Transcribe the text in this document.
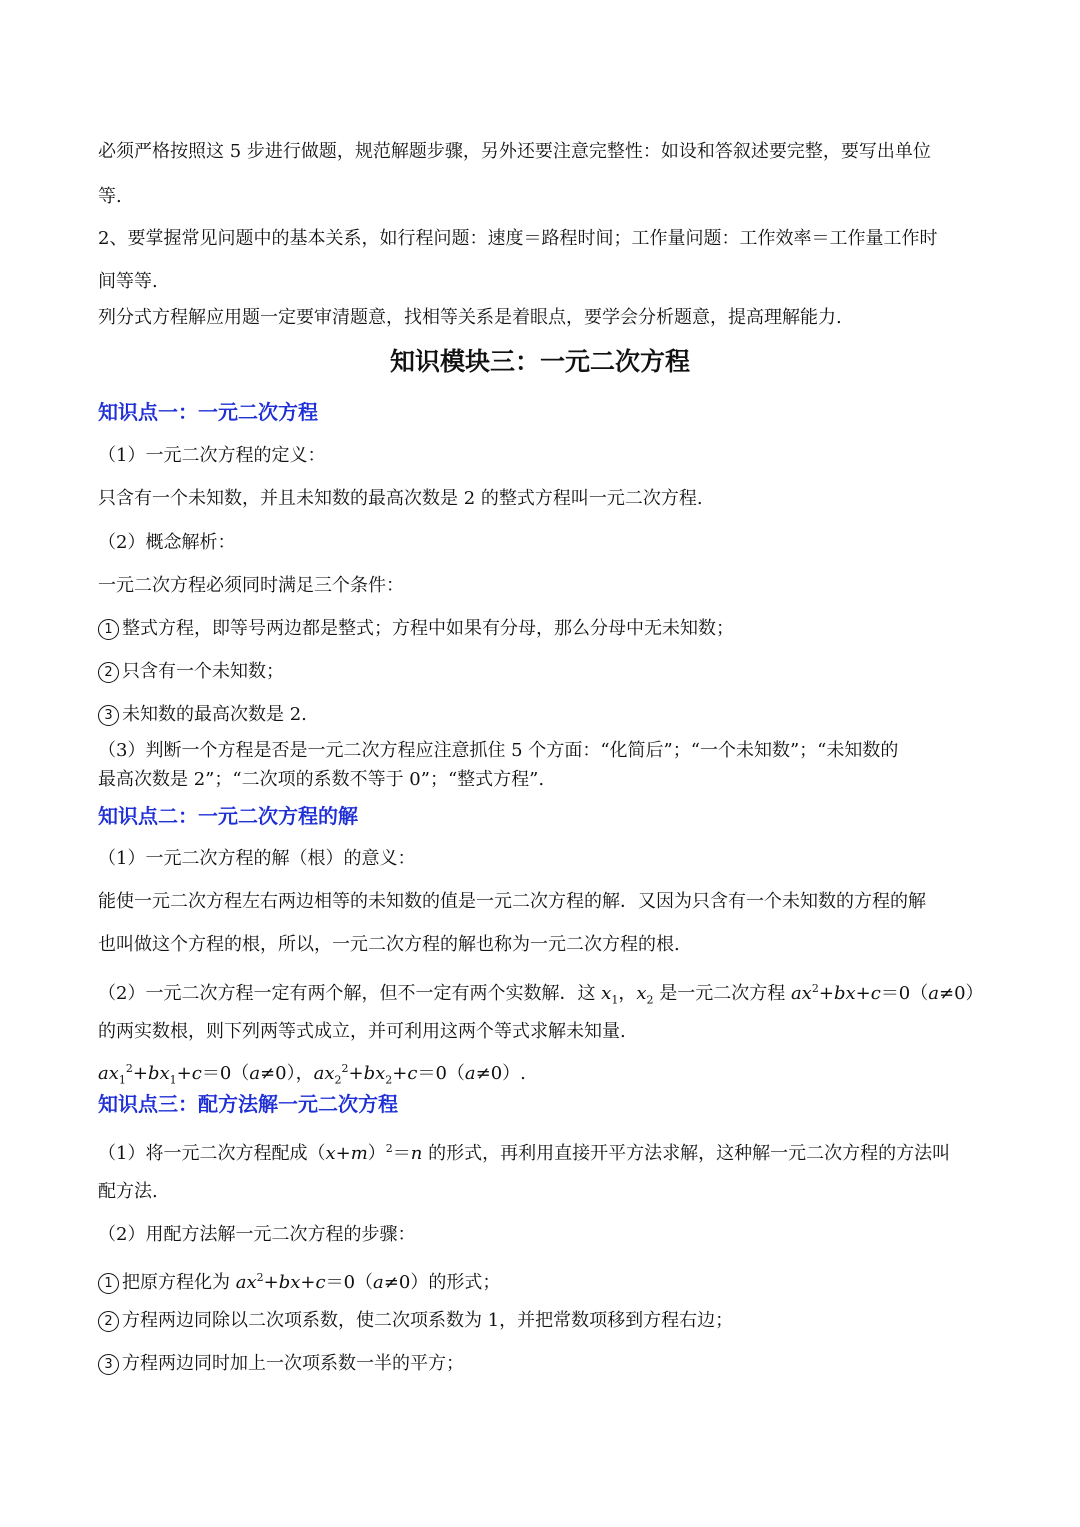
必须严格按照这 5 步进行做题，规范解题步骤，另外还要注意完整性：如设和答叙述要完整，要写出单位
等.
2、要掌握常见问题中的基本关系，如行程问题：速度＝路程时间；工作量问题：工作效率＝工作量工作时
间等等.
列分式方程解应用题一定要审清题意，找相等关系是着眼点，要学会分析题意，提高理解能力.
知识模块三：一元二次方程
知识点一：一元二次方程
（1）一元二次方程的定义：
只含有一个未知数，并且未知数的最高次数是 2 的整式方程叫一元二次方程.
（2）概念解析：
一元二次方程必须同时满足三个条件：
1 整式方程，即等号两边都是整式；方程中如果有分母，那么分母中无未知数；
2 只含有一个未知数；
3 未知数的最高次数是 2.
（3）判断一个方程是否是一元二次方程应注意抓住 5 个方面：“化简后”；“一个未知数”；“未知数的
最高次数是 2”；“二次项的系数不等于 0”；“整式方程”.
知识点二：一元二次方程的解
（1）一元二次方程的解（根）的意义：
能使一元二次方程左右两边相等的未知数的值是一元二次方程的解．又因为只含有一个未知数的方程的解
也叫做这个方程的根，所以，一元二次方程的解也称为一元二次方程的根.
（2）一元二次方程一定有两个解，但不一定有两个实数解．这 $x_1$，$x_2$ 是一元二次方程 $ax^2+bx+c=0(a\ne 0)$
的两实数根，则下列两等式成立，并可利用这两个等式求解未知量.
$ax_1^2+bx_1+c=0(a\ne 0)$，$ax_2^2+bx_2+c=0(a\ne 0)$.
知识点三：配方法解一元二次方程
（1）将一元二次方程配成$(x+m)^2=n$ 的形式，再利用直接开平方法求解，这种解一元二次方程的方法叫
配方法.
（2）用配方法解一元二次方程的步骤：
1 把原方程化为 $ax^2+bx+c=0(a\ne 0)$的形式；
2 方程两边同除以二次项系数，使二次项系数为 1，并把常数项移到方程右边；
3 方程两边同时加上一次项系数一半的平方；
